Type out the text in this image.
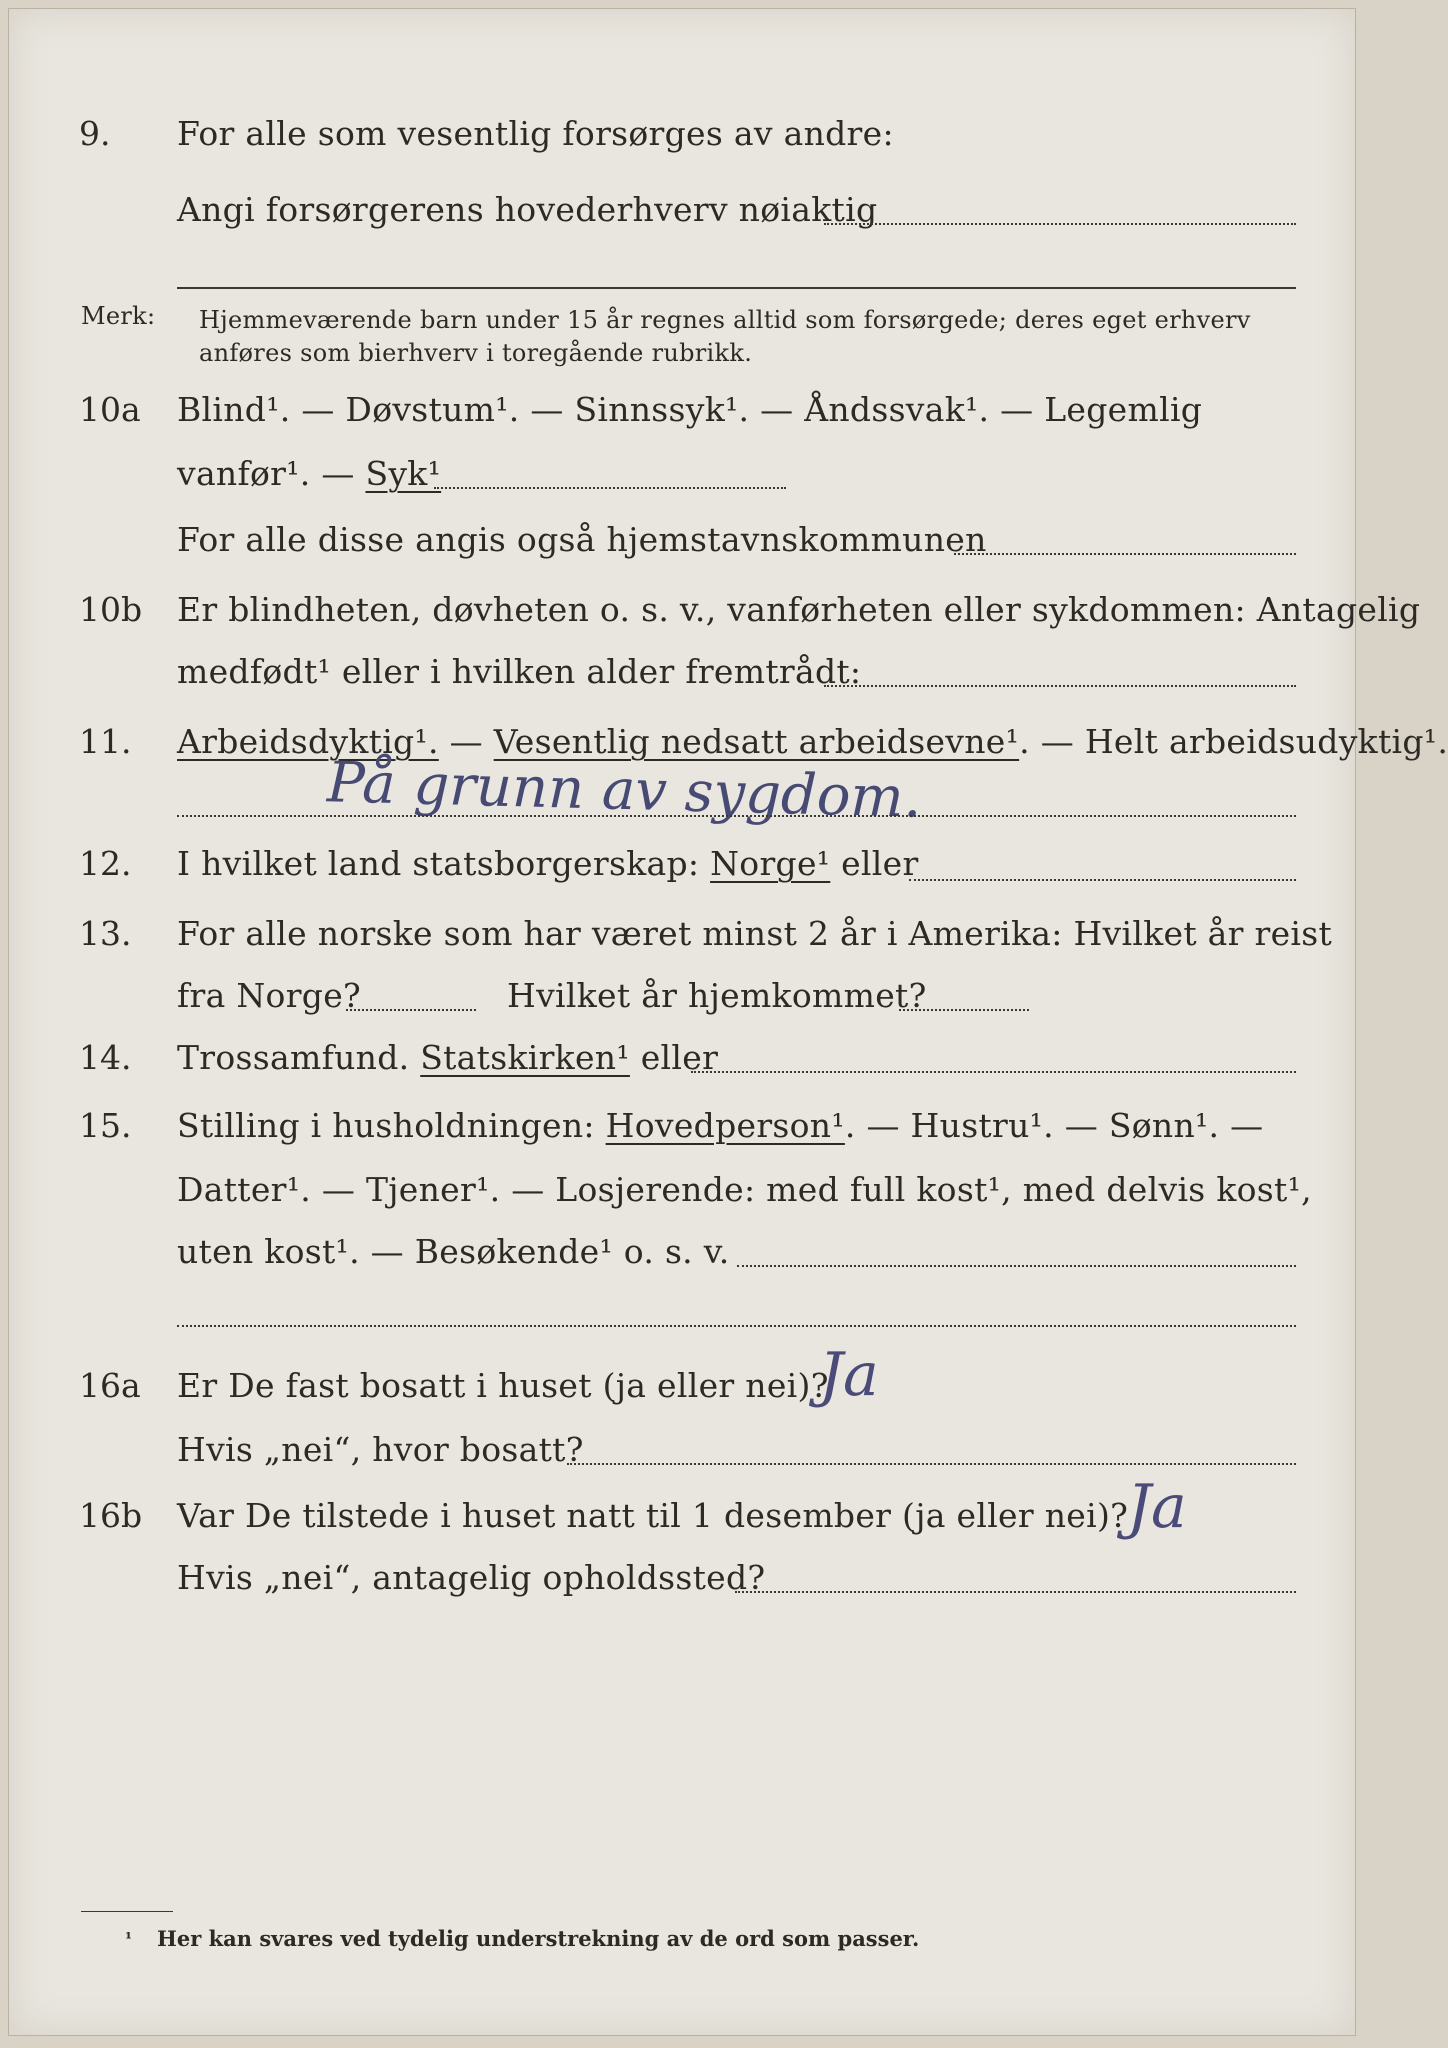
9. For alle som vesentlig forsørges av andre:
Angi forsørgerens hovederhverv nøiaktig
Merk: Hjemmeværende barn under 15 år regnes alltid som forsørgede; deres eget erhverv
anføres som bierhverv i toregående rubrikk.
10a Blind¹. — Døvstum¹. — Sinnssyk¹. — Åndssvak¹. — Legemlig
vanfør¹. — Syk¹
For alle disse angis også hjemstavnskommunen
10b Er blindheten, døvheten o. s. v., vanførheten eller sykdommen: Antagelig
medfødt¹ eller i hvilken alder fremtrådt:
11. Arbeidsdyktig¹. — Vesentlig nedsatt arbeidsevne¹. — Helt arbeidsudyktig¹.
På grunn av sygdom.
12. I hvilket land statsborgerskap: Norge¹ eller
13. For alle norske som har været minst 2 år i Amerika: Hvilket år reist
fra Norge?	Hvilket år hjemkommet?
14. Trossamfund. Statskirken¹ eller
15. Stilling i husholdningen: Hovedperson¹. — Hustru¹. — Sønn¹. —
Datter¹. — Tjener¹. — Losjerende: med full kost¹, med delvis kost¹,
uten kost¹. — Besøkende¹ o. s. v.
16a Er De fast bosatt i huset (ja eller nei)?
Ja
Hvis „nei“, hvor bosatt?
16b Var De tilstede i huset natt til 1 desember (ja eller nei)?
Ja
Hvis „nei“, antagelig opholdssted?
¹ Her kan svares ved tydelig understrekning av de ord som passer.
